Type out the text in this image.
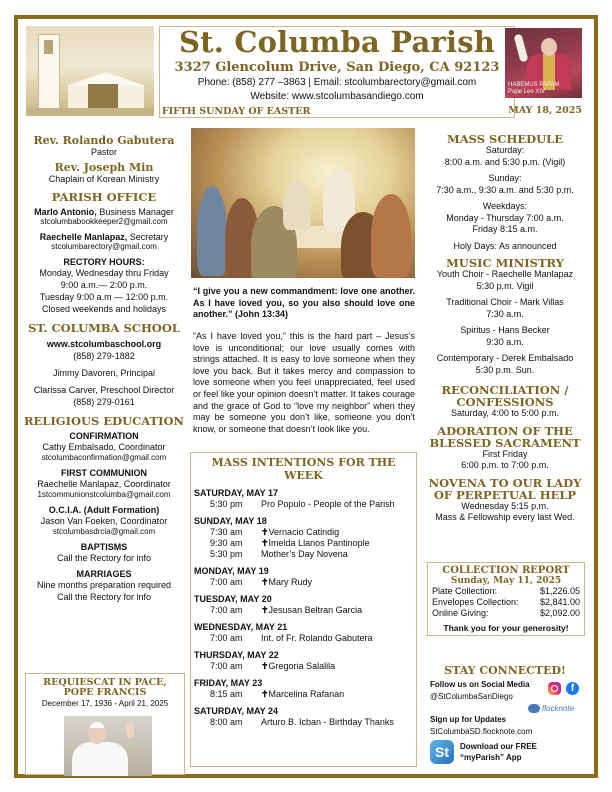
St. Columba Parish
3327 Glencolum Drive, San Diego, CA 92123
Phone: (858) 277 –3863 | Email: stcolumbarectory@gmail.com
Website: www.stcolumbasandiego.com
FIFTH SUNDAY OF EASTER
HABEMUS PAPAM
Pope Leo XIV
MAY 18, 2025
Rev. Rolando Gabutera
Pastor
Rev. Joseph Min
Chaplain of Korean Ministry
PARISH OFFICE
Marlo Antonio, Business Manager
stcolumbabookkeeper2@gmail.com
Raechelle Manlapaz, Secretary
stcolumbarectory@gmail.com
RECTORY HOURS:
Monday, Wednesday thru Friday
9:00 a.m.— 2:00 p.m.
Tuesday 9:00 a.m — 12:00 p.m.
Closed weekends and holidays
ST. COLUMBA SCHOOL
www.stcolumbaschool.org
(858) 279-1882
Jimmy Davoren, Principal
Clarissa Carver, Preschool Director
(858) 279-0161
RELIGIOUS EDUCATION
CONFIRMATION
Cathy Embalsado, Coordinator
stcolumbaconfirmation@gmail.com
FIRST COMMUNION
Raechelle Manlapaz, Coordinator
1stcommunionstcolumba@gmail.com
O.C.I.A. (Adult Formation)
Jason Van Foeken, Coordinator
stcolumbasdrcia@gmail.com
BAPTISMS
Call the Rectory for info
MARRIAGES
Nine months preparation required
Call the Rectory for info
REQUIESCAT IN PACE,
POPE FRANCIS
December 17, 1936 - April 21, 2025
“I give you a new commandment: love one another. As I have loved you, so you also should love one another.” (John 13:34)
“As I have loved you,” this is the hard part – Jesus’s love is unconditional; our love usually comes with strings attached. It is easy to love someone when they love you back. But it takes mercy and compassion to love someone when you feel unappreciated, feel used or feel like your opinion doesn’t matter. It takes courage and the grace of God to “love my neighbor” when they may be someone you don’t like, someone you don’t know, or someone that doesn’t look like you.
MASS INTENTIONS FOR THE WEEK
SATURDAY, MAY 17
5:30 pm	Pro Populo - People of the Parish
SUNDAY, MAY 18
7:30 am	✝Vernacio Catindig
9:30 am	✝Imelda Llanos Pantinople
5:30 pm	Mother’s Day Novena
MONDAY, MAY 19
7:00 am	✝Mary Rudy
TUESDAY, MAY 20
7:00 am	✝Jesusan Beltran Garcia
WEDNESDAY, MAY 21
7:00 am	Int. of Fr. Rolando Gabutera
THURSDAY, MAY 22
7:00 am	✝Gregoria Salalila
FRIDAY, MAY 23
8:15 am	✝Marcelina Rafanan
SATURDAY, MAY 24
8:00 am	Arturo B. Icban - Birthday Thanks
MASS SCHEDULE
Saturday:
8:00 a.m. and 5:30 p.m. (Vigil)
Sunday:
7:30 a.m., 9:30 a.m. and 5:30 p.m.
Weekdays:
Monday - Thursday 7:00 a.m.
Friday 8:15 a.m.
Holy Days: As announced
MUSIC MINISTRY
Youth Choir - Raechelle Manlapaz
5:30 p.m. Vigil
Traditional Choir - Mark Villas
7:30 a.m.
Spiritus - Hans Becker
9:30 a.m.
Contemporary - Derek Embalsado
5:30 p.m. Sun.
RECONCILIATION /
CONFESSIONS
Saturday, 4:00 to 5:00 p.m.
ADORATION OF THE
BLESSED SACRAMENT
First Friday
6:00 p.m. to 7:00 p.m.
NOVENA TO OUR LADY
OF PERPETUAL HELP
Wednesday 5:15 p.m.
Mass & Fellowship every last Wed.
COLLECTION REPORT
Sunday, May 11, 2025
Plate Collection:	$1,226.05
Envelopes Collection: $2,841.00
Online Giving:	$2,092.00
Thank you for your generosity!
STAY CONNECTED!
Follow us on Social Media
@StColumbaSanDiego
f
flocknote
Sign up for Updates
StColumbaSD.flocknote.com
St	Download our FREE
“myParish” App
